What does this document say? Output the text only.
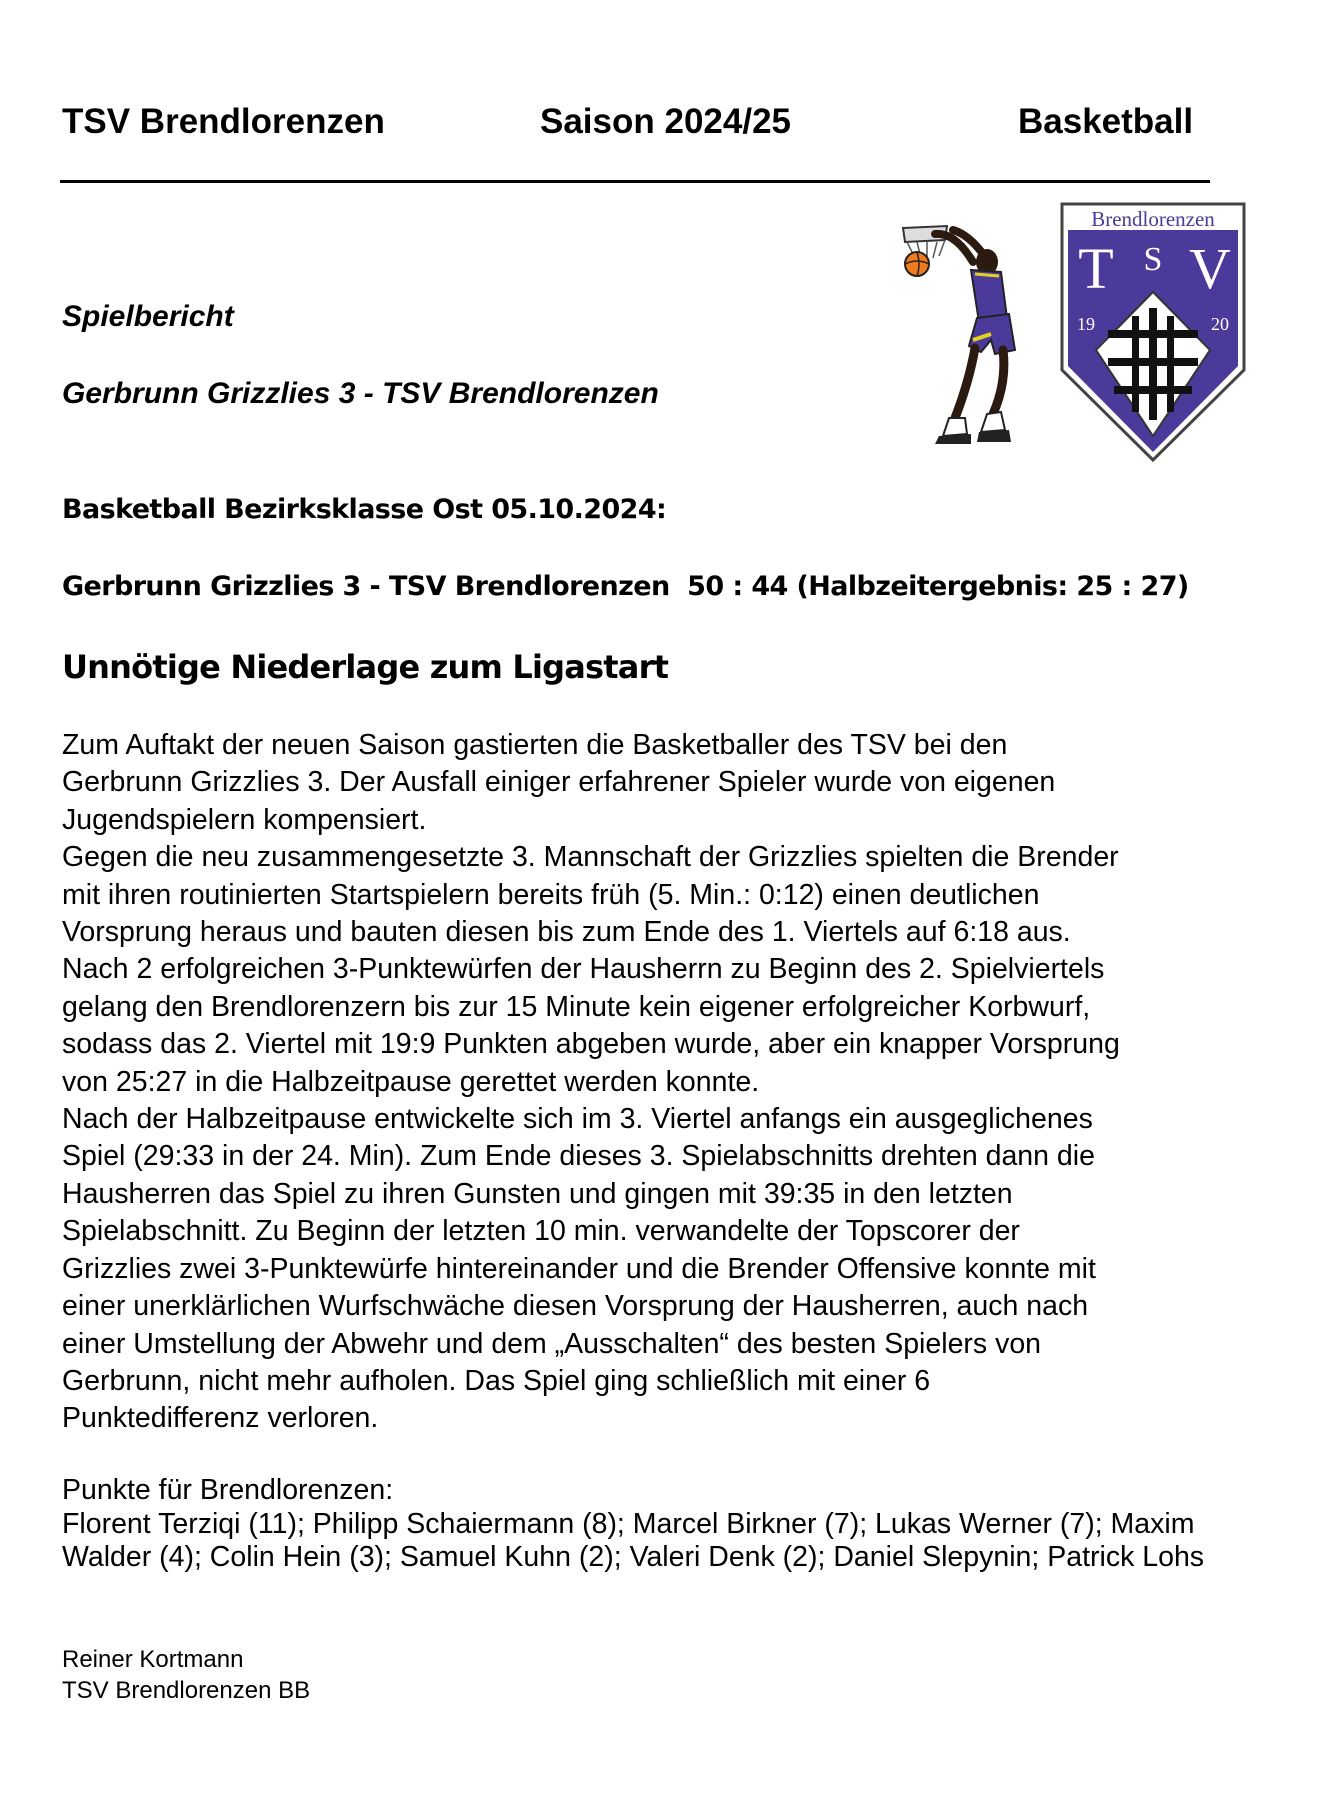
TSV Brendlorenzen	Saison 2024/25	Basketball
Brendlorenzen
T S V
19	20
Spielbericht
Gerbrunn Grizzlies 3 - TSV Brendlorenzen
Basketball Bezirksklasse Ost 05.10.2024:
Gerbrunn Grizzlies 3 - TSV Brendlorenzen  50 : 44 (Halbzeitergebnis: 25 : 27)
Unnötige Niederlage zum Ligastart

Zum Auftakt der neuen Saison gastierten die Basketballer des TSV bei den

Gerbrunn Grizzlies 3. Der Ausfall einiger erfahrener Spieler wurde von eigenen

Jugendspielern kompensiert.

Gegen die neu zusammengesetzte 3. Mannschaft der Grizzlies spielten die Brender

mit ihren routinierten Startspielern bereits früh (5. Min.: 0:12) einen deutlichen

Vorsprung heraus und bauten diesen bis zum Ende des 1. Viertels auf 6:18 aus.

Nach 2 erfolgreichen 3-Punktewürfen der Hausherrn zu Beginn des 2. Spielviertels

gelang den Brendlorenzern bis zur 15 Minute kein eigener erfolgreicher Korbwurf,

sodass das 2. Viertel mit 19:9 Punkten abgeben wurde, aber ein knapper Vorsprung

von 25:27 in die Halbzeitpause gerettet werden konnte.

Nach der Halbzeitpause entwickelte sich im 3. Viertel anfangs ein ausgeglichenes

Spiel (29:33 in der 24. Min). Zum Ende dieses 3. Spielabschnitts drehten dann die

Hausherren das Spiel zu ihren Gunsten und gingen mit 39:35 in den letzten

Spielabschnitt. Zu Beginn der letzten 10 min. verwandelte der Topscorer der

Grizzlies zwei 3-Punktewürfe hintereinander und die Brender Offensive konnte mit

einer unerklärlichen Wurfschwäche diesen Vorsprung der Hausherren, auch nach

einer Umstellung der Abwehr und dem „Ausschalten“ des besten Spielers von

Gerbrunn, nicht mehr aufholen. Das Spiel ging schließlich mit einer 6

Punktedifferenz verloren.

Punkte für Brendlorenzen:

Florent Terziqi (11); Philipp Schaiermann (8); Marcel Birkner (7); Lukas Werner (7); Maxim

Walder (4); Colin Hein (3); Samuel Kuhn (2); Valeri Denk (2); Daniel Slepynin; Patrick Lohs

Reiner Kortmann

TSV Brendlorenzen BB
